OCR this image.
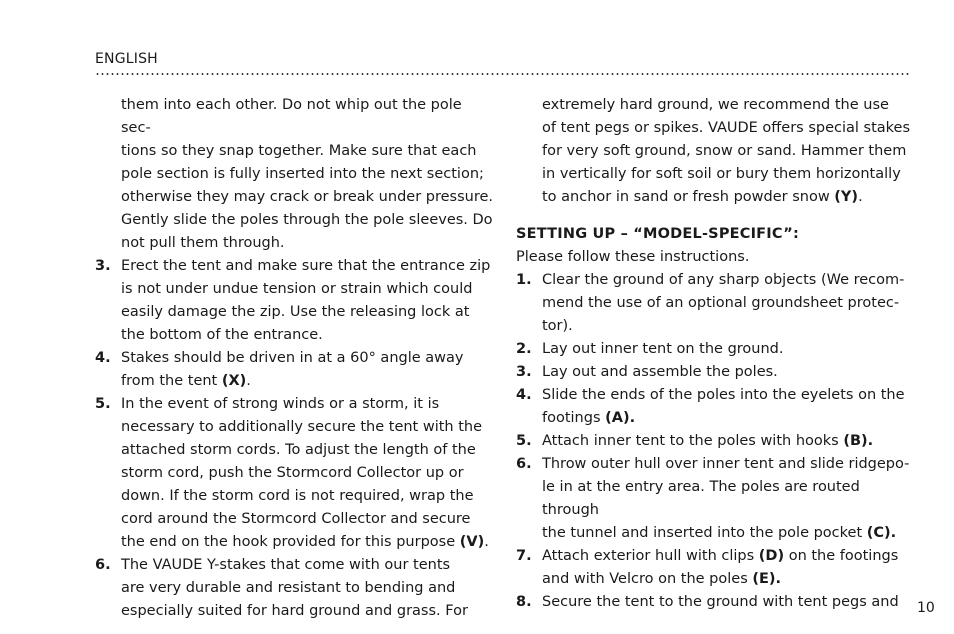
ENGLISH
them into each other. Do not whip out the pole sec-
tions so they snap together. Make sure that each
pole section is fully inserted into the next section;
otherwise they may crack or break under pressure.
Gently slide the poles through the pole sleeves. Do
not pull them through.
3. Erect the tent and make sure that the entrance zip
is not under undue tension or strain which could
easily damage the zip. Use the releasing lock at
the bottom of the entrance.
4. Stakes should be driven in at a 60° angle away
from the tent (X).
5. In the event of strong winds or a storm, it is
necessary to additionally secure the tent with the
attached storm cords. To adjust the length of the
storm cord, push the Stormcord Collector up or
down. If the storm cord is not required, wrap the
cord around the Stormcord Collector and secure
the end on the hook provided for this purpose (V).
6. The VAUDE Y-stakes that come with our tents
are very durable and resistant to bending and
especially suited for hard ground and grass. For
extremely hard ground, we recommend the use
of tent pegs or spikes. VAUDE offers special stakes
for very soft ground, snow or sand. Hammer them
in vertically for soft soil or bury them horizontally
to anchor in sand or fresh powder snow (Y).
SETTING UP – “MODEL-SPECIFIC”:
Please follow these instructions.
1. Clear the ground of any sharp objects (We recom-
mend the use of an optional groundsheet protec-
tor).
2. Lay out inner tent on the ground.
3. Lay out and assemble the poles.
4. Slide the ends of the poles into the eyelets on the
footings (A).
5. Attach inner tent to the poles with hooks (B).
6. Throw outer hull over inner tent and slide ridgepo-
le in at the entry area. The poles are routed through
the tunnel and inserted into the pole pocket (C).
7. Attach exterior hull with clips (D) on the footings
and with Velcro on the poles (E).
8. Secure the tent to the ground with tent pegs and 10
